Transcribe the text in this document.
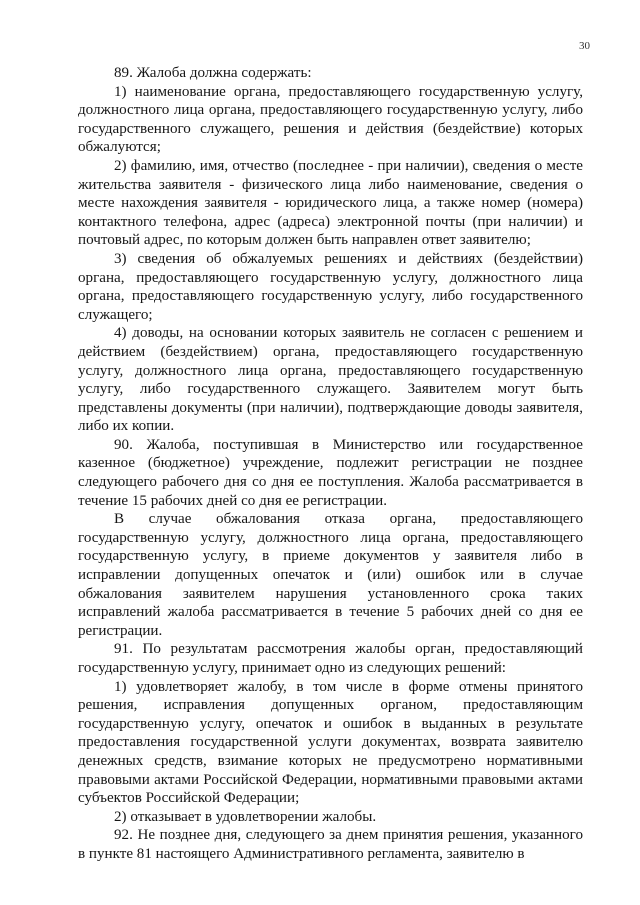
30

89. Жалоба должна содержать:

1) наименование органа, предоставляющего государственную услугу, должностного лица органа, предоставляющего государственную услугу, либо государственного служащего, решения и действия (бездействие) которых обжалуются;

2) фамилию, имя, отчество (последнее - при наличии), сведения о месте жительства заявителя - физического лица либо наименование, сведения о месте нахождения заявителя - юридического лица, а также номер (номера) контактного телефона, адрес (адреса) электронной почты (при наличии) и почтовый адрес, по которым должен быть направлен ответ заявителю;

3) сведения об обжалуемых решениях и действиях (бездействии) органа, предоставляющего государственную услугу, должностного лица органа, предоставляющего государственную услугу, либо государственного служащего;

4) доводы, на основании которых заявитель не согласен с решением и действием (бездействием) органа, предоставляющего государственную услугу, должностного лица органа, предоставляющего государственную услугу, либо государственного служащего. Заявителем могут быть представлены документы (при наличии), подтверждающие доводы заявителя, либо их копии.

90. Жалоба, поступившая в Министерство или государственное казенное (бюджетное) учреждение, подлежит регистрации не позднее следующего рабочего дня со дня ее поступления. Жалоба рассматривается в течение 15 рабочих дней со дня ее регистрации.

В случае обжалования отказа органа, предоставляющего государственную услугу, должностного лица органа, предоставляющего государственную услугу, в приеме документов у заявителя либо в исправлении допущенных опечаток и (или) ошибок или в случае обжалования заявителем нарушения установленного срока таких исправлений жалоба рассматривается в течение 5 рабочих дней со дня ее регистрации.

91. По результатам рассмотрения жалобы орган, предоставляющий государственную услугу, принимает одно из следующих решений:

1) удовлетворяет жалобу, в том числе в форме отмены принятого решения, исправления допущенных органом, предоставляющим государственную услугу, опечаток и ошибок в выданных в результате предоставления государственной услуги документах, возврата заявителю денежных средств, взимание которых не предусмотрено нормативными правовыми актами Российской Федерации, нормативными правовыми актами субъектов Российской Федерации;

2) отказывает в удовлетворении жалобы.

92. Не позднее дня, следующего за днем принятия решения, указанного в пункте 81 настоящего Административного регламента, заявителю в
